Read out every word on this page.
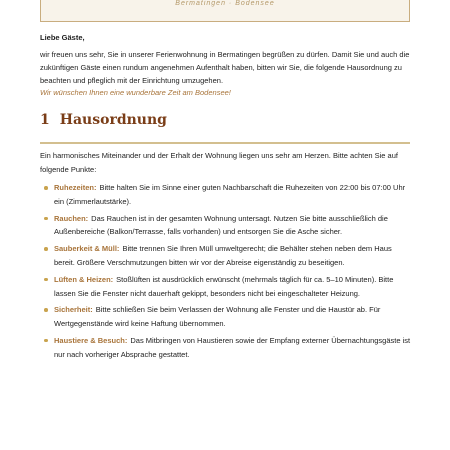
Bermatingen · Bodensee
Liebe Gäste,
wir freuen uns sehr, Sie in unserer Ferienwohnung in Bermatingen begrüßen zu dürfen. Damit Sie und auch die zukünftigen Gäste einen rundum angenehmen Aufenthalt haben, bitten wir Sie, die folgende Hausordnung zu beachten und pfleglich mit der Einrichtung umzugehen.
Wir wünschen Ihnen eine wunderbare Zeit am Bodensee!
1 Hausordnung
Ein harmonisches Miteinander und der Erhalt der Wohnung liegen uns sehr am Herzen. Bitte achten Sie auf folgende Punkte:
Ruhezeiten: Bitte halten Sie im Sinne einer guten Nachbarschaft die Ruhezeiten von 22:00 bis 07:00 Uhr ein (Zimmerlautstärke).
Rauchen: Das Rauchen ist in der gesamten Wohnung untersagt. Nutzen Sie bitte ausschließlich die Außenbereiche (Balkon/Terrasse, falls vorhanden) und entsorgen Sie die Asche sicher.
Sauberkeit & Müll: Bitte trennen Sie Ihren Müll umweltgerecht; die Behälter stehen neben dem Haus bereit. Größere Verschmutzungen bitten wir vor der Abreise eigenständig zu beseitigen.
Lüften & Heizen: Stoßlüften ist ausdrücklich erwünscht (mehrmals täglich für ca. 5–10 Minuten). Bitte lassen Sie die Fenster nicht dauerhaft gekippt, besonders nicht bei eingeschalteter Heizung.
Sicherheit: Bitte schließen Sie beim Verlassen der Wohnung alle Fenster und die Haustür ab. Für Wertgegenstände wird keine Haftung übernommen.
Haustiere & Besuch: Das Mitbringen von Haustieren sowie der Empfang externer Übernachtungsgäste ist nur nach vorheriger Absprache gestattet.
